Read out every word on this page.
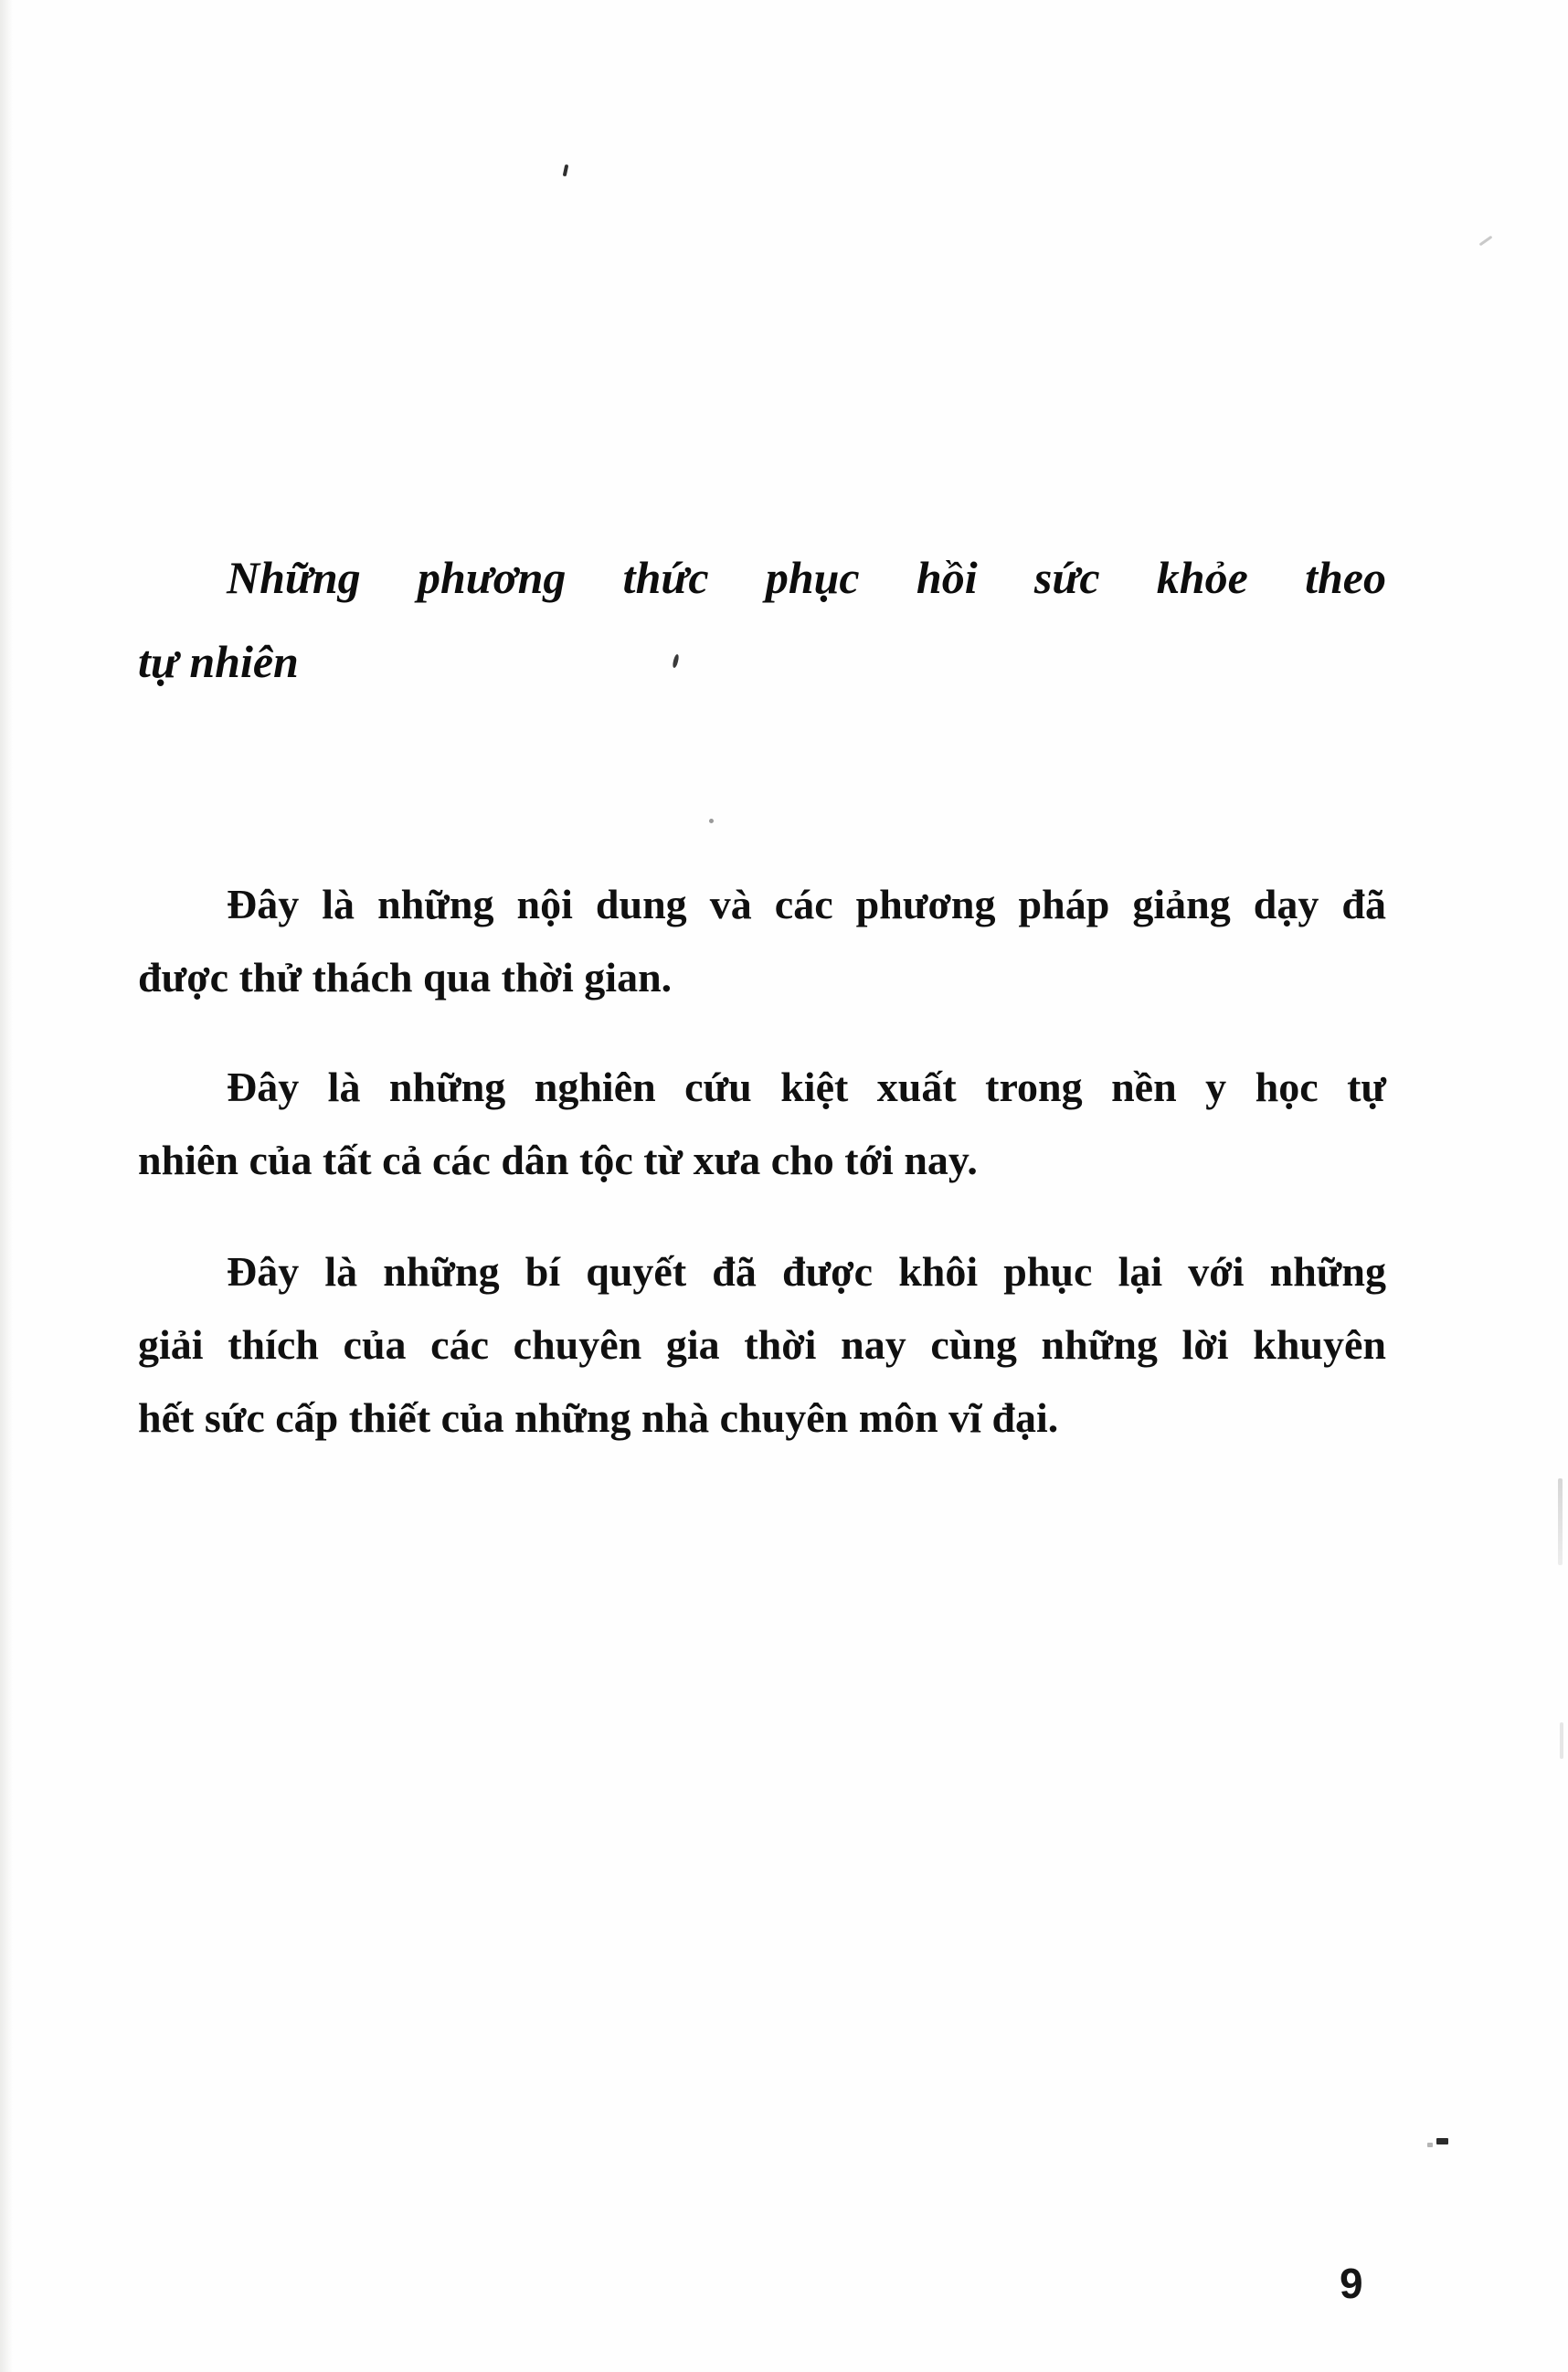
Những phương thức phục hồi sức khỏe theo
tự nhiên
Đây là những nội dung và các phương pháp giảng dạy đã
được thử thách qua thời gian.
Đây là những nghiên cứu kiệt xuất trong nền y học tự
nhiên của tất cả các dân tộc từ xưa cho tới nay.
Đây là những bí quyết đã được khôi phục lại với những
giải thích của các chuyên gia thời nay cùng những lời khuyên
hết sức cấp thiết của những nhà chuyên môn vĩ đại.
9
